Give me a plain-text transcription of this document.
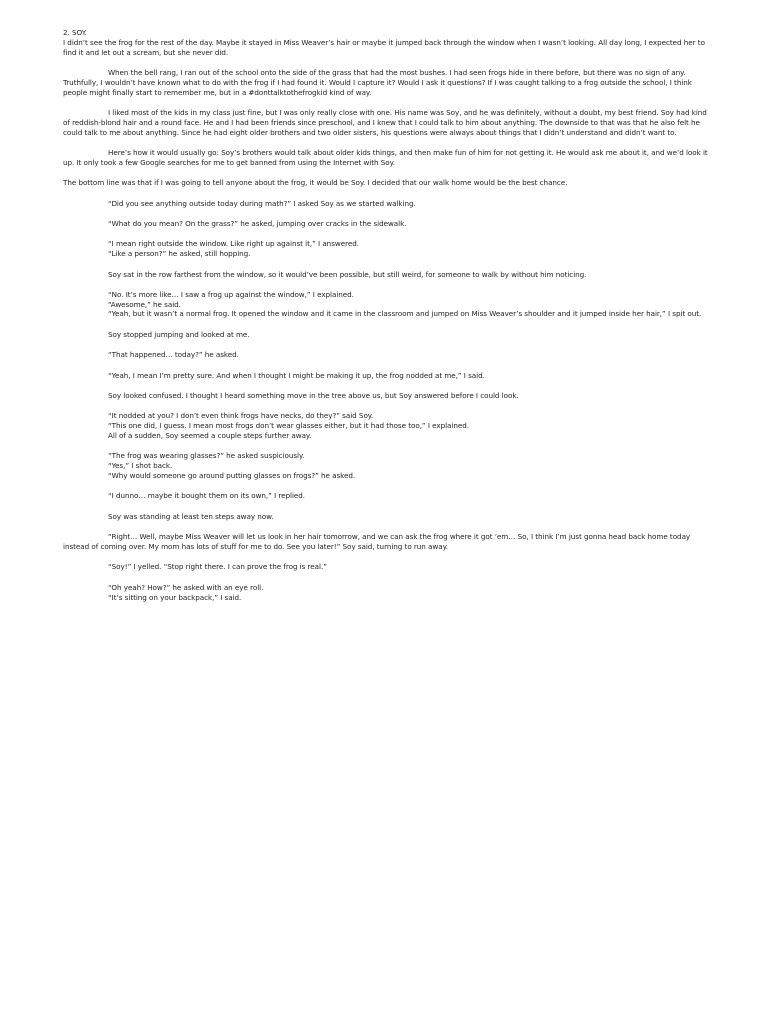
2. SOY.

I didn’t see the frog for the rest of the day. Maybe it stayed in Miss Weaver’s hair or maybe it jumped back through the window when I wasn’t looking. All day long, I expected her to find it and let out a scream, but she never did.

When the bell rang, I ran out of the school onto the side of the grass that had the most bushes. I had seen frogs hide in there before, but there was no sign of any. Truthfully, I wouldn’t have known what to do with the frog if I had found it. Would I capture it? Would I ask it questions? If I was caught talking to a frog outside the school, I think people might finally start to remember me, but in a #donttalktothefrogkid kind of way.

I liked most of the kids in my class just fine, but I was only really close with one. His name was Soy, and he was definitely, without a doubt, my best friend. Soy had kind of reddish-blond hair and a round face. He and I had been friends since preschool, and I knew that I could talk to him about anything. The downside to that was that he also felt he could talk to me about anything. Since he had eight older brothers and two older sisters, his questions were always about things that I didn’t understand and didn’t want to.

Here’s how it would usually go: Soy’s brothers would talk about older kids things, and then make fun of him for not getting it. He would ask me about it, and we’d look it up. It only took a few Google searches for me to get banned from using the Internet with Soy.

The bottom line was that if I was going to tell anyone about the frog, it would be Soy. I decided that our walk home would be the best chance.

“Did you see anything outside today during math?” I asked Soy as we started walking.

“What do you mean? On the grass?” he asked, jumping over cracks in the sidewalk.

“I mean right outside the window. Like right up against it,” I answered.

“Like a person?” he asked, still hopping.

Soy sat in the row farthest from the window, so it would’ve been possible, but still weird, for someone to walk by without him noticing.

“No. It’s more like… I saw a frog up against the window,” I explained.

“Awesome,” he said.

“Yeah, but it wasn’t a normal frog. It opened the window and it came in the classroom and jumped on Miss Weaver’s shoulder and it jumped inside her hair,” I spit out.

Soy stopped jumping and looked at me.

“That happened… today?” he asked.

“Yeah, I mean I’m pretty sure. And when I thought I might be making it up, the frog nodded at me,” I said.

Soy looked confused. I thought I heard something move in the tree above us, but Soy answered before I could look.

“It nodded at you? I don’t even think frogs have necks, do they?” said Soy.

“This one did, I guess. I mean most frogs don’t wear glasses either, but it had those too,” I explained.

All of a sudden, Soy seemed a couple steps further away.

“The frog was wearing glasses?” he asked suspiciously.

“Yes,” I shot back.

“Why would someone go around putting glasses on frogs?” he asked.

“I dunno… maybe it bought them on its own,” I replied.

Soy was standing at least ten steps away now.

“Right… Well, maybe Miss Weaver will let us look in her hair tomorrow, and we can ask the frog where it got ’em… So, I think I’m just gonna head back home today instead of coming over. My mom has lots of stuff for me to do. See you later!” Soy said, turning to run away.

“Soy!” I yelled. “Stop right there. I can prove the frog is real.”

“Oh yeah? How?” he asked with an eye roll.

“It’s sitting on your backpack,” I said.
